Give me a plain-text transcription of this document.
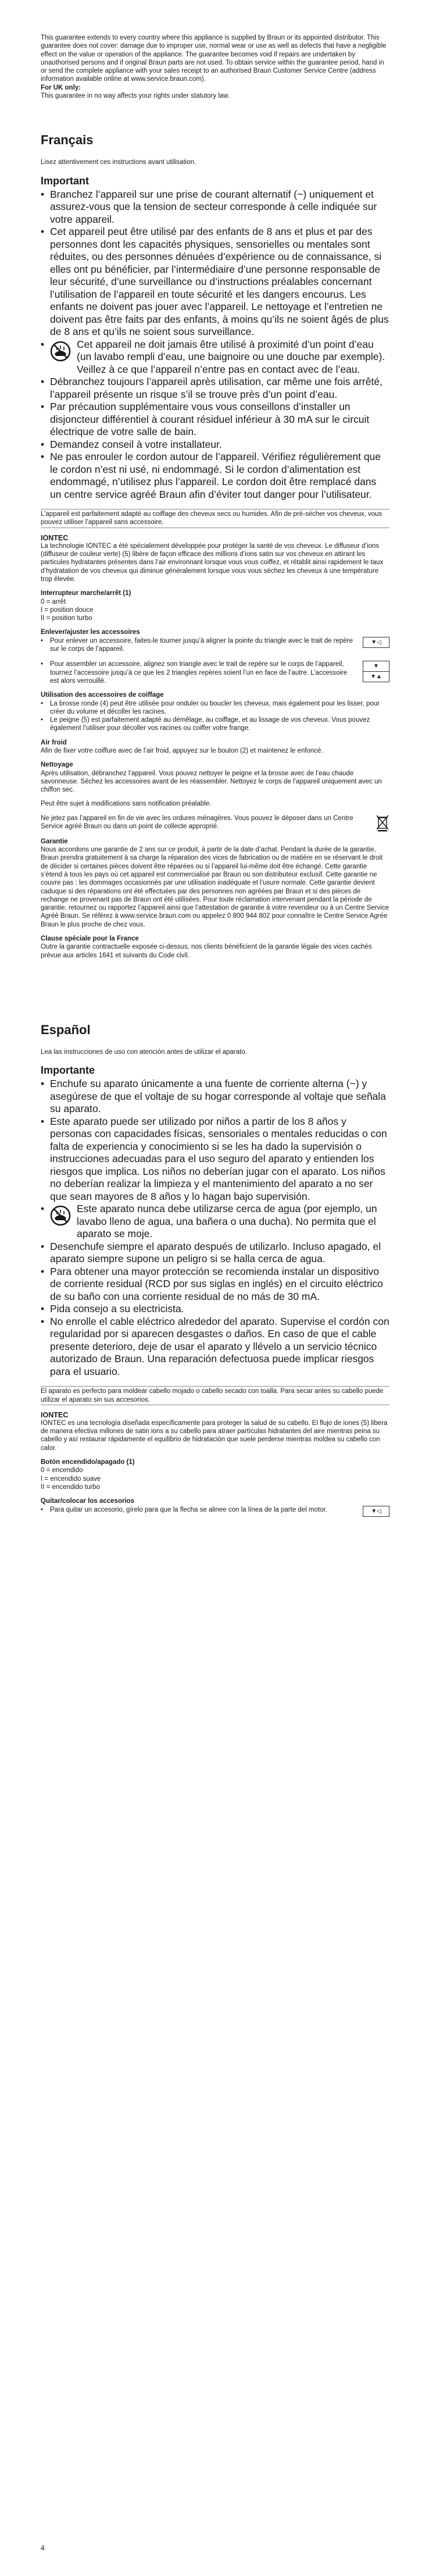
This guarantee extends to every country where this appliance is supplied by Braun or its appointed distributor. This guarantee does not cover: damage due to improper use, normal wear or use as well as defects that have a negligible effect on the value or operation of the appliance. The guarantee becomes void if repairs are undertaken by unauthorised persons and if original Braun parts are not used. To obtain service within the guarantee period, hand in or send the complete appliance with your sales receipt to an authorised Braun Customer Service Centre (address information available online at www.service.braun.com).

For UK only:

This guarantee in no way affects your rights under statutory law.

Français

Lisez attentivement ces instructions avant utilisation.

Important
• Branchez l’appareil sur une prise de courant alternatif (~) uniquement et assurez-vous que la tension de secteur corresponde à celle indiquée sur votre appareil.
• Cet appareil peut être utilisé par des enfants de 8 ans et plus et par des personnes dont les capacités physiques, sensorielles ou mentales sont réduites, ou des personnes dénuées d’expérience ou de connaissance, si elles ont pu bénéficier, par l’intermédiaire d’une personne responsable de leur sécurité, d’une surveillance ou d’instructions préalables concernant l’utilisation de l’appareil en toute sécurité et les dangers encourus. Les enfants ne doivent pas jouer avec l’appareil. Le nettoyage et l’entretien ne doivent pas être faits par des enfants, à moins qu’ils ne soient âgés de plus de 8 ans et qu’ils ne soient sous surveillance.
• Cet appareil ne doit jamais être utilisé à proximité d’un point d’eau (un lavabo rempli d’eau, une baignoire ou une douche par exemple). Veillez à ce que l’appareil n’entre pas en contact avec de l’eau.
• Débranchez toujours l’appareil après utilisation, car même une fois arrêté, l’appareil présente un risque s’il se trouve près d’un point d’eau.
• Par précaution supplémentaire vous vous conseillons d’installer un disjoncteur différentiel à courant résiduel inférieur à 30 mA sur le circuit électrique de votre salle de bain.
• Demandez conseil à votre installateur.
• Ne pas enrouler le cordon autour de l’appareil. Vérifiez régulièrement que le cordon n’est ni usé, ni endommagé. Si le cordon d’alimentation est endommagé, n’utilisez plus l’appareil. Le cordon doit être remplacé dans un centre service agréé Braun afin d’éviter tout danger pour l’utilisateur.

L’appareil est parfaitement adapté au coiffage des cheveux secs ou humides. Afin de pré-sécher vos cheveux, vous pouvez utiliser l’appareil sans accessoire.

IONTEC

La technologie IONTEC a été spécialement développée pour protéger la santé de vos cheveux. Le diffuseur d’ions (diffuseur de couleur verte) (5) libère de façon efficace des millions d’ions satin sur vos cheveux en attirant les particules hydratantes présentes dans l’air environnant lorsque vous vous coiffez, et rétablit ainsi rapidement le taux d’hydratation de vos cheveux qui diminue généralement lorsque vous vous séchez les cheveux à une température trop élevée.

Interrupteur marche/arrêt (1)

0 = arrêt

I = position douce

II = position turbo

Enlever/ajuster les accessoires

• Pour enlever un accessoire, faites-le tourner jusqu’à aligner la pointe du triangle avec le trait de repère sur le corps de l’appareil.
• Pour assembler un accessoire, alignez son triangle avec le trait de repère sur le corps de l’appareil, tournez l’accessoire jusqu’à ce que les 2 triangles repères soient l’un en face de l’autre. L’accessoire est alors verrouillé.
▼◁
▼
▼▲

Utilisation des accessoires de coiffage

• La brosse ronde (4) peut être utilisée pour onduler ou boucler les cheveux, mais également pour les lisser, pour créer du volume et décoller les racines.
• Le peigne (5) est parfaitement adapté au démêlage, au coiffage, et au lissage de vos cheveux. Vous pouvez également l’utiliser pour décoller vos racines ou coiffer votre frange.

Air froid

Afin de fixer votre coiffure avec de l’air froid, appuyez sur le bouton (2) et maintenez le enfoncé.

Nettoyage

Après utilisation, débranchez l’appareil. Vous pouvez nettoyer le peigne et la brosse avec de l’eau chaude savonneuse. Séchez les accessoires avant de les réassembler. Nettoyez le corps de l’appareil uniquement avec un chiffon sec.

Peut être sujet à modifications sans notification préalable.

Ne jetez pas l’appareil en fin de vie avec les ordures ménagères. Vous pouvez le déposer dans un Centre Service agréé Braun ou dans un point de collecte approprié.

Garantie

Nous accordons une garantie de 2 ans sur ce produit, à partir de la date d’achat. Pendant la durée de la garantie, Braun prendra gratuitement à sa charge la réparation des vices de fabrication ou de matière en se réservant le droit de décider si certaines pièces doivent être réparées ou si l’appareil lui-même doit être échangé. Cette garantie s’étend à tous les pays où cet appareil est commercialisé par Braun ou son distributeur exclusif. Cette garantie ne couvre pas : les dommages occasionnés par une utilisation inadéquate et l’usure normale. Cette garantie devient caduque si des réparations ont été effectuées par des personnes non agréées par Braun et si des pièces de rechange ne provenant pas de Braun ont été utilisées. Pour toute réclamation intervenant pendant la période de garantie, retournez ou rapportez l’appareil ainsi que l’attestation de garantie à votre revendeur ou à un Centre Service Agréé Braun. Se référez à www.service.braun.com ou appelez 0 800 944 802 pour connaître le Centre Service Agrée Braun le plus proche de chez vous.

Clause spéciale pour la France

Outre la garantie contractuelle exposée ci-dessus, nos clients bénéficient de la garantie légale des vices cachés prévue aux articles 1641 et suivants du Code civil.

Español

Lea las instrucciones de uso con atención antes de utilizar el aparato.

Importante
• Enchufe su aparato únicamente a una fuente de corriente alterna (~) y asegúrese de que el voltaje de su hogar corresponde al voltaje que señala su aparato.
• Este aparato puede ser utilizado por niños a partir de los 8 años y personas con capacidades físicas, sensoriales o mentales reducidas o con falta de experiencia y conocimiento si se les ha dado la supervisión o instrucciones adecuadas para el uso seguro del aparato y entienden los riesgos que implica. Los niños no deberían jugar con el aparato. Los niños no deberían realizar la limpieza y el mantenimiento del aparato a no ser que sean mayores de 8 años y lo hagan bajo supervisión.
• Este aparato nunca debe utilizarse cerca de agua (por ejemplo, un lavabo lleno de agua, una bañera o una ducha). No permita que el aparato se moje.
• Desenchufe siempre el aparato después de utilizarlo. Incluso apagado, el aparato siempre supone un peligro si se halla cerca de agua.
• Para obtener una mayor protección se recomienda instalar un dispositivo de corriente residual (RCD por sus siglas en inglés) en el circuito eléctrico de su baño con una corriente residual de no más de 30 mA.
• Pida consejo a su electricista.
• No enrolle el cable eléctrico alrededor del aparato. Supervise el cordón con regularidad por si aparecen desgastes o daños. En caso de que el cable presente deterioro, deje de usar el aparato y llévelo a un servicio técnico autorizado de Braun. Una reparación defectuosa puede implicar riesgos para el usuario.

El aparato es perfecto para moldear cabello mojado o cabello secado con toalla. Para secar antes su cabello puede utilizar el aparato sin sus accesorios.

IONTEC

IONTEC es una tecnología diseñada específicamente para proteger la salud de su cabello. El flujo de iones (5) libera de manera efectiva millones de satin ions a su cabello para atraer partículas hidratantes del aire mientras peina su cabello y así restaurar rápidamente el equilibrio de hidratación que suele perderse mientras moldea su cabello con calor.

Botón encendido/apagado (1)

0 = encendido

I = encendido suave

II = encendido turbo

Quitar/colocar los accesorios

• Para quitar un accesorio, gírelo para que la flecha se alinee con la línea de la parte del motor.	▼◁
4
